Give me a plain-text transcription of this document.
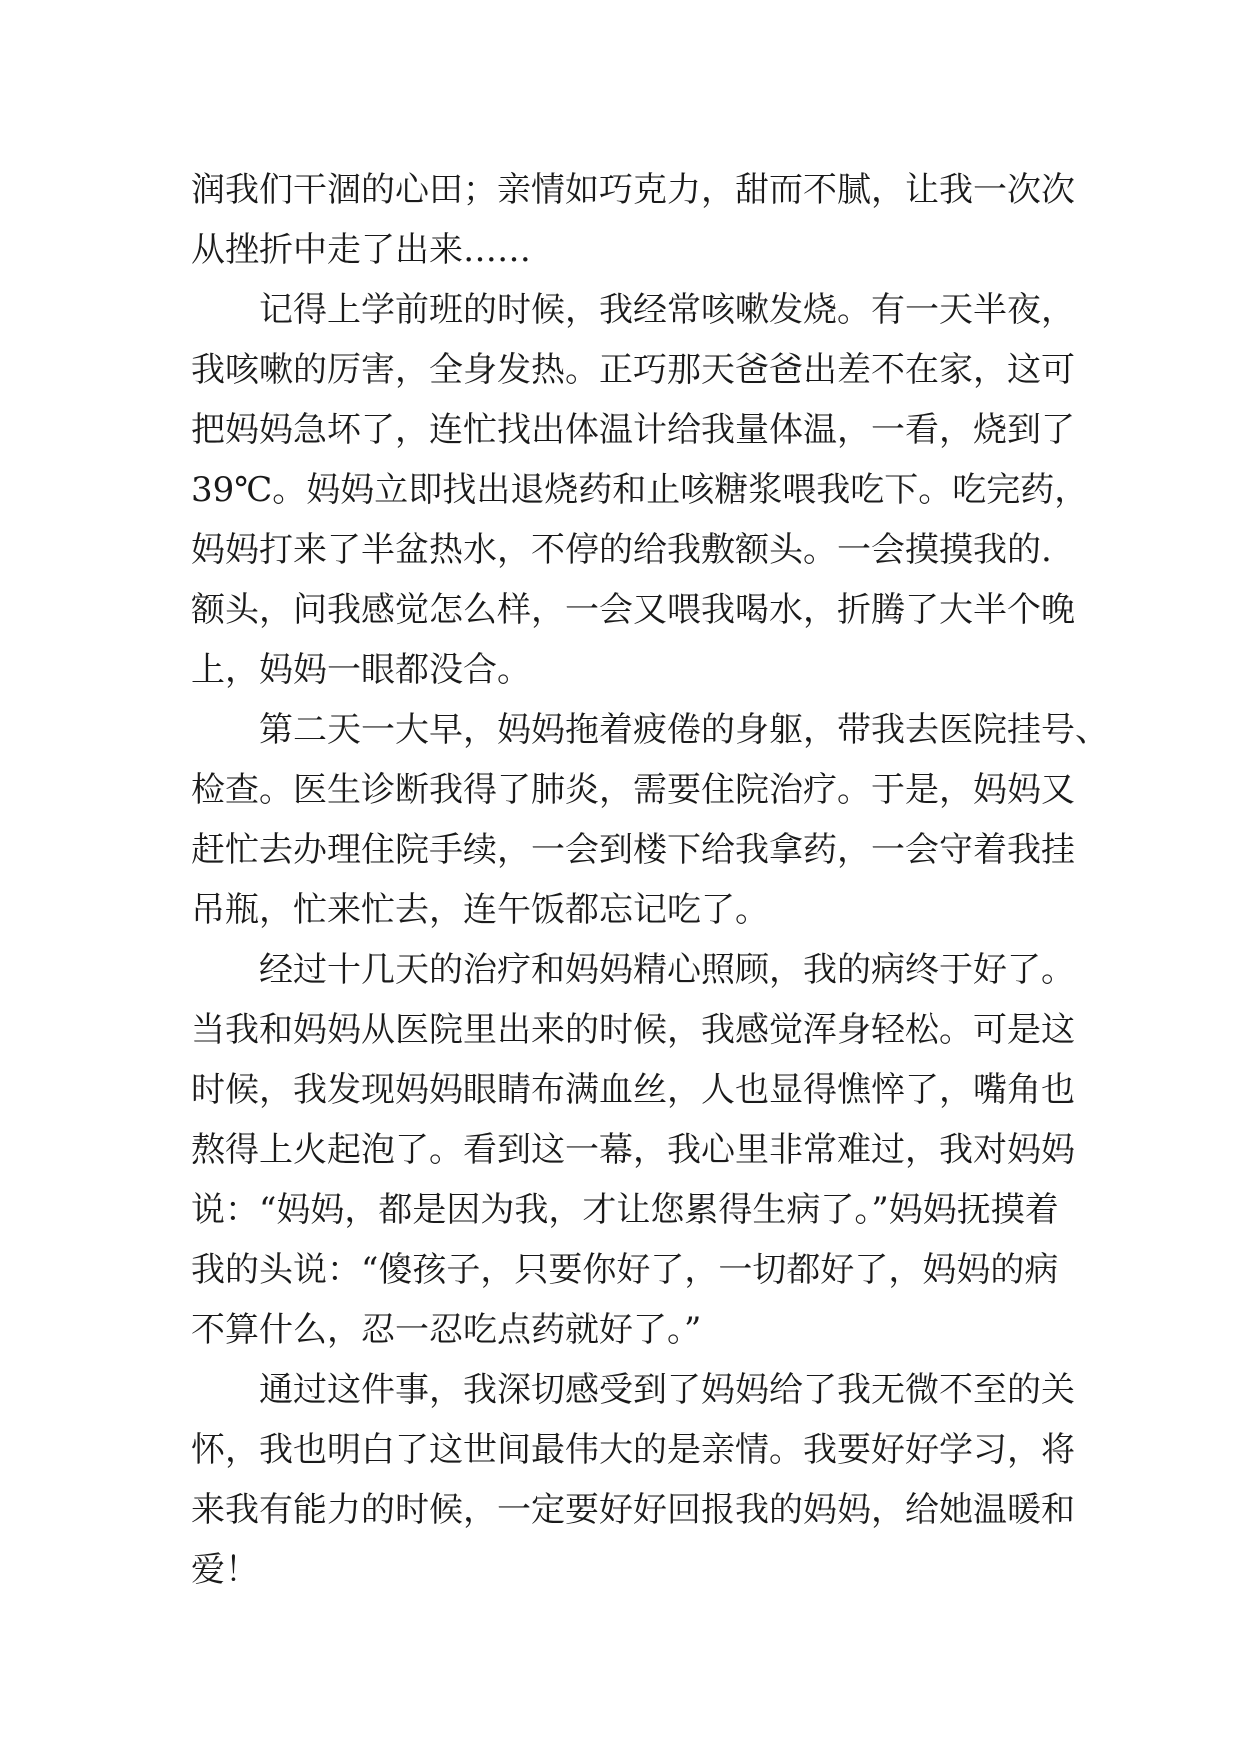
润我们干涸的心田；亲情如巧克力，甜而不腻，让我一次次
从挫折中走了出来……
记得上学前班的时候，我经常咳嗽发烧。有一天半夜，
我咳嗽的厉害，全身发热。正巧那天爸爸出差不在家，这可
把妈妈急坏了，连忙找出体温计给我量体温，一看，烧到了
39℃。妈妈立即找出退烧药和止咳糖浆喂我吃下。吃完药，
妈妈打来了半盆热水，不停的给我敷额头。一会摸摸我的.
额头，问我感觉怎么样，一会又喂我喝水，折腾了大半个晚
上，妈妈一眼都没合。
第二天一大早，妈妈拖着疲倦的身躯，带我去医院挂号、
检查。医生诊断我得了肺炎，需要住院治疗。于是，妈妈又
赶忙去办理住院手续，一会到楼下给我拿药，一会守着我挂
吊瓶，忙来忙去，连午饭都忘记吃了。
经过十几天的治疗和妈妈精心照顾，我的病终于好了。
当我和妈妈从医院里出来的时候，我感觉浑身轻松。可是这
时候，我发现妈妈眼睛布满血丝，人也显得憔悴了，嘴角也
熬得上火起泡了。看到这一幕，我心里非常难过，我对妈妈
说：“妈妈，都是因为我，才让您累得生病了。”妈妈抚摸着
我的头说：“傻孩子，只要你好了，一切都好了，妈妈的病
不算什么，忍一忍吃点药就好了。”
通过这件事，我深切感受到了妈妈给了我无微不至的关
怀，我也明白了这世间最伟大的是亲情。我要好好学习，将
来我有能力的时候，一定要好好回报我的妈妈，给她温暖和
爱！
